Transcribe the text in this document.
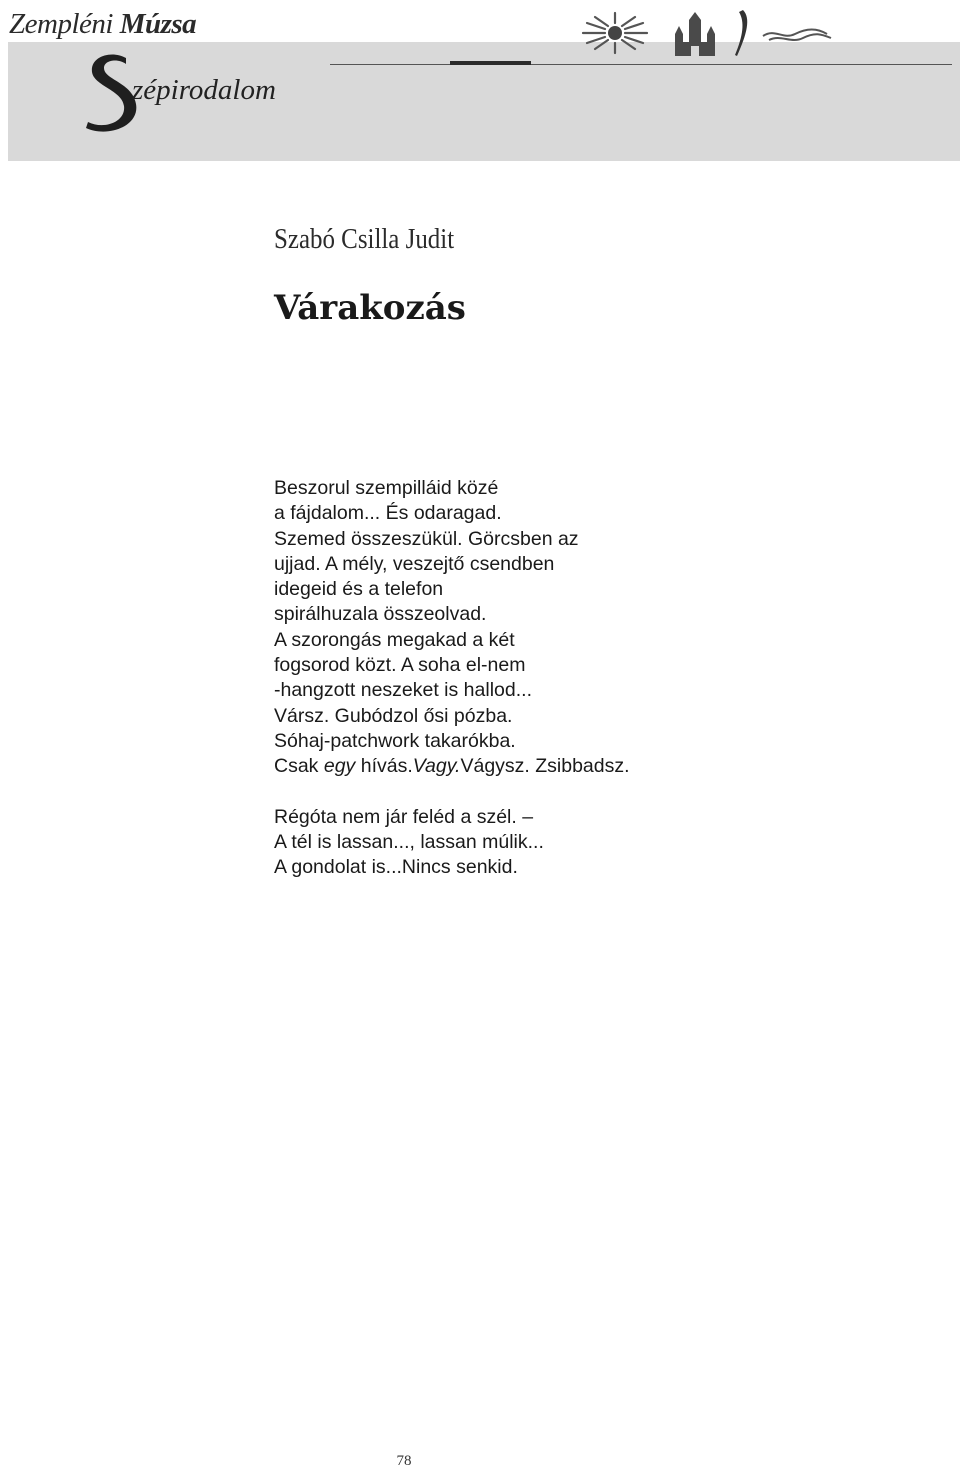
Zempléni Múzsa
zépirodalom
Szabó Csilla Judit
Várakozás

Beszorul szempilláid közé
a fájdalom... És odaragad.
Szemed összeszükül. Görcsben az
ujjad. A mély, veszejtő csendben
idegeid és a telefon
spirálhuzala összeolvad.
A szorongás megakad a két
fogsorod közt. A soha el-nem
-hangzott neszeket is hallod...
Vársz. Gubódzol ősi pózba.
Sóhaj-patchwork takarókba.
Csak egy hívás.Vagy.Vágysz. Zsibbadsz.

Régóta nem jár feléd a szél. –
A tél is lassan..., lassan múlik...
A gondolat is...Nincs senkid.

78
